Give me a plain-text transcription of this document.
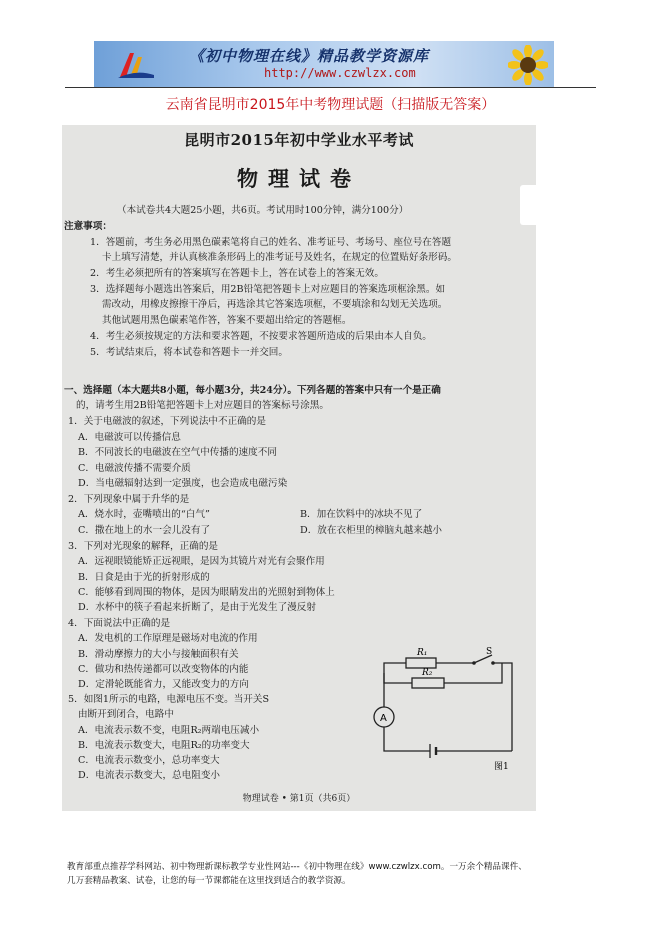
《初中物理在线》精品教学资源库
http://www.czwlzx.com
云南省昆明市2015年中考物理试题（扫描版无答案）
昆明市2015年初中学业水平考试
物理试卷
（本试卷共4大题25小题，共6页。考试用时100分钟，满分100分）
注意事项：
1．答题前，考生务必用黑色碳素笔将自己的姓名、准考证号、考场号、座位号在答题
卡上填写清楚，并认真核准条形码上的准考证号及姓名，在规定的位置贴好条形码。
2．考生必须把所有的答案填写在答题卡上，答在试卷上的答案无效。
3．选择题每小题选出答案后，用2B铅笔把答题卡上对应题目的答案选项框涂黑。如
需改动，用橡皮擦擦干净后，再选涂其它答案选项框，不要填涂和勾划无关选项。
其他试题用黑色碳素笔作答，答案不要超出给定的答题框。
4．考生必须按规定的方法和要求答题，不按要求答题所造成的后果由本人自负。
5．考试结束后，将本试卷和答题卡一并交回。
一、选择题（本大题共8小题，每小题3分，共24分）。下列各题的答案中只有一个是正确
的，请考生用2B铅笔把答题卡上对应题目的答案标号涂黑。
1．关于电磁波的叙述，下列说法中不正确的是
A．电磁波可以传播信息
B．不同波长的电磁波在空气中传播的速度不同
C．电磁波传播不需要介质
D．当电磁辐射达到一定强度，也会造成电磁污染
2．下列现象中属于升华的是
A．烧水时，壶嘴喷出的“白气”	B．加在饮料中的冰块不见了
C．撒在地上的水一会儿没有了	D．放在衣柜里的樟脑丸越来越小
3．下列对光现象的解释，正确的是
A．远视眼镜能矫正远视眼，是因为其镜片对光有会聚作用
B．日食是由于光的折射形成的
C．能够看到周围的物体，是因为眼睛发出的光照射到物体上
D．水杯中的筷子看起来折断了，是由于光发生了漫反射
4．下面说法中正确的是
A．发电机的工作原理是磁场对电流的作用
B．滑动摩擦力的大小与接触面积有关
C．做功和热传递都可以改变物体的内能
D．定滑轮既能省力，又能改变力的方向
5．如图1所示的电路，电源电压不变。当开关S
由断开到闭合，电路中
A．电流表示数不变，电阻R₂两端电压减小
B．电流表示数变大，电阻R₂的功率变大
C．电流表示数变小，总功率变大
D．电流表示数变大，总电阻变小
R₁
R₂
S
A
图1
物理试卷 • 第1页（共6页）
教育部重点推荐学科网站、初中物理新课标教学专业性网站---《初中物理在线》www.czwlzx.com。一万余个精品课件、
几万套精品教案、试卷，让您的每一节课都能在这里找到适合的教学资源。
